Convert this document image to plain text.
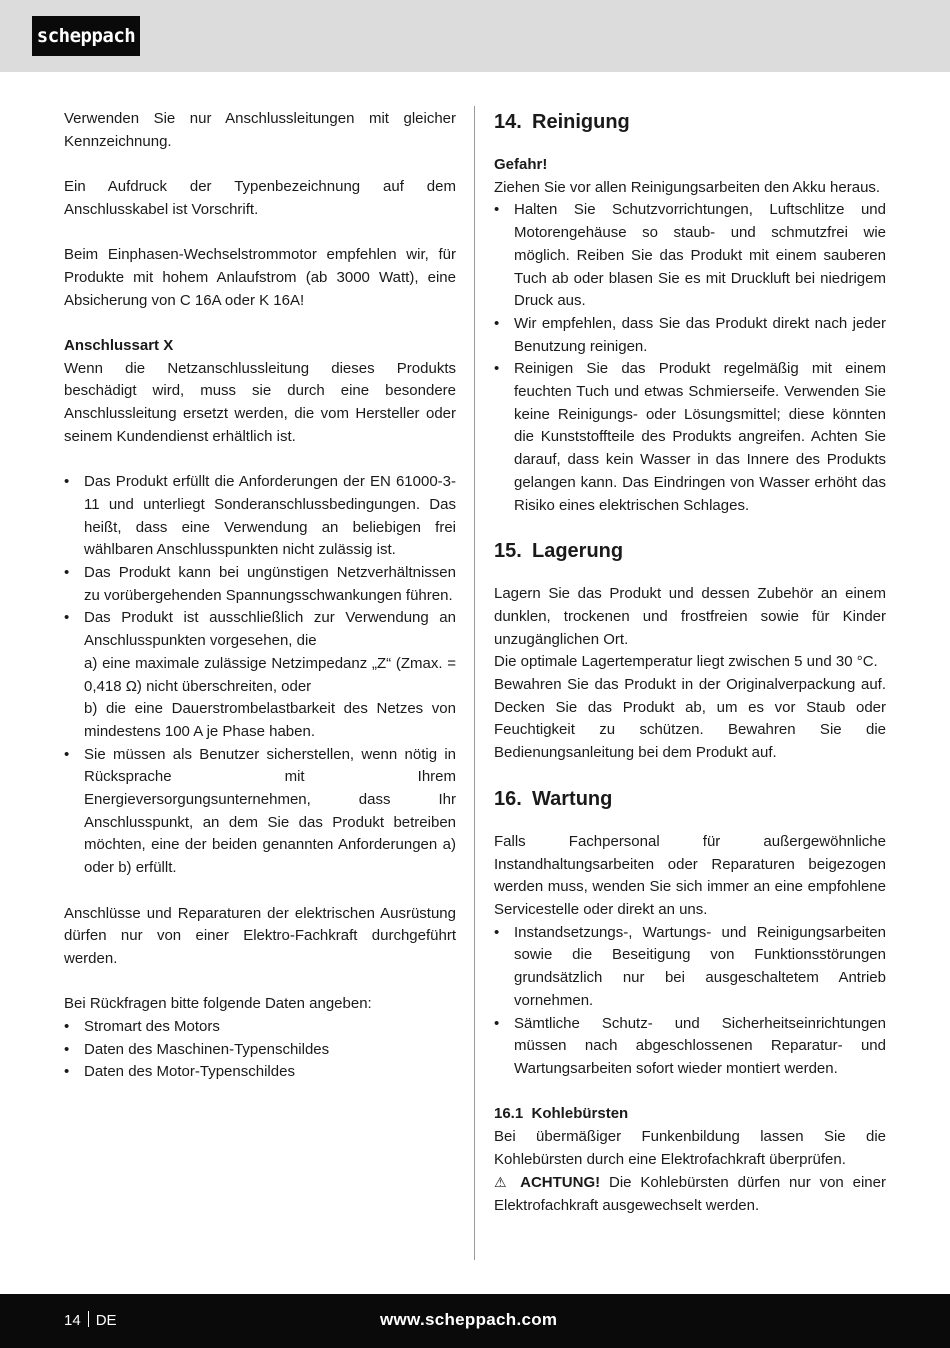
scheppach

Verwenden Sie nur Anschlussleitungen mit gleicher Kennzeichnung.

Ein Aufdruck der Typenbezeichnung auf dem Anschlusskabel ist Vorschrift.

Beim Einphasen-Wechselstrommotor empfehlen wir, für Produkte mit hohem Anlaufstrom (ab 3000 Watt), eine Absicherung von C 16A oder K 16A!

Anschlussart X

Wenn die Netzanschlussleitung dieses Produkts beschädigt wird, muss sie durch eine besondere Anschlussleitung ersetzt werden, die vom Hersteller oder seinem Kundendienst erhältlich ist.

• Das Produkt erfüllt die Anforderungen der EN 61000-3-11 und unterliegt Sonderanschlussbedingungen. Das heißt, dass eine Verwendung an beliebigen frei wählbaren Anschlusspunkten nicht zulässig ist.
• Das Produkt kann bei ungünstigen Netzverhältnissen zu vorübergehenden Spannungsschwankungen führen.
• Das Produkt ist ausschließlich zur Verwendung an Anschlusspunkten vorgesehen, die
a) eine maximale zulässige Netzimpedanz „Z“ (Zmax. = 0,418 Ω) nicht überschreiten, oder
b) die eine Dauerstrombelastbarkeit des Netzes von mindestens 100 A je Phase haben.
• Sie müssen als Benutzer sicherstellen, wenn nötig in Rücksprache mit Ihrem Energieversorgungsunternehmen, dass Ihr Anschlusspunkt, an dem Sie das Produkt betreiben möchten, eine der beiden genannten Anforderungen a) oder b) erfüllt.

Anschlüsse und Reparaturen der elektrischen Ausrüstung dürfen nur von einer Elektro-Fachkraft durchgeführt werden.

Bei Rückfragen bitte folgende Daten angeben:

• Stromart des Motors
• Daten des Maschinen-Typenschildes
• Daten des Motor-Typenschildes
14. Reinigung

Gefahr!

Ziehen Sie vor allen Reinigungsarbeiten den Akku heraus.

• Halten Sie Schutzvorrichtungen, Luftschlitze und Motorengehäuse so staub- und schmutzfrei wie möglich. Reiben Sie das Produkt mit einem sauberen Tuch ab oder blasen Sie es mit Druckluft bei niedrigem Druck aus.
• Wir empfehlen, dass Sie das Produkt direkt nach jeder Benutzung reinigen.
• Reinigen Sie das Produkt regelmäßig mit einem feuchten Tuch und etwas Schmierseife. Verwenden Sie keine Reinigungs- oder Lösungsmittel; diese könnten die Kunststoffteile des Produkts angreifen. Achten Sie darauf, dass kein Wasser in das Innere des Produkts gelangen kann. Das Eindringen von Wasser erhöht das Risiko eines elektrischen Schlages.
15. Lagerung

Lagern Sie das Produkt und dessen Zubehör an einem dunklen, trockenen und frostfreien sowie für Kinder unzugänglichen Ort.

Die optimale Lagertemperatur liegt zwischen 5 und 30 °C.

Bewahren Sie das Produkt in der Originalverpackung auf. Decken Sie das Produkt ab, um es vor Staub oder Feuchtigkeit zu schützen. Bewahren Sie die Bedienungsanleitung bei dem Produkt auf.

16. Wartung

Falls Fachpersonal für außergewöhnliche Instandhaltungsarbeiten oder Reparaturen beigezogen werden muss, wenden Sie sich immer an eine empfohlene Servicestelle oder direkt an uns.

• Instandsetzungs-, Wartungs- und Reinigungsarbeiten sowie die Beseitigung von Funktionsstörungen grundsätzlich nur bei ausgeschaltetem Antrieb vornehmen.
• Sämtliche Schutz- und Sicherheitseinrichtungen müssen nach abgeschlossenen Reparatur- und Wartungsarbeiten sofort wieder montiert werden.

16.1  Kohlebürsten

Bei übermäßiger Funkenbildung lassen Sie die Kohlebürsten durch eine Elektrofachkraft überprüfen.

⚠ ACHTUNG! Die Kohlebürsten dürfen nur von einer Elektrofachkraft ausgewechselt werden.

14 DE	www.scheppach.com
